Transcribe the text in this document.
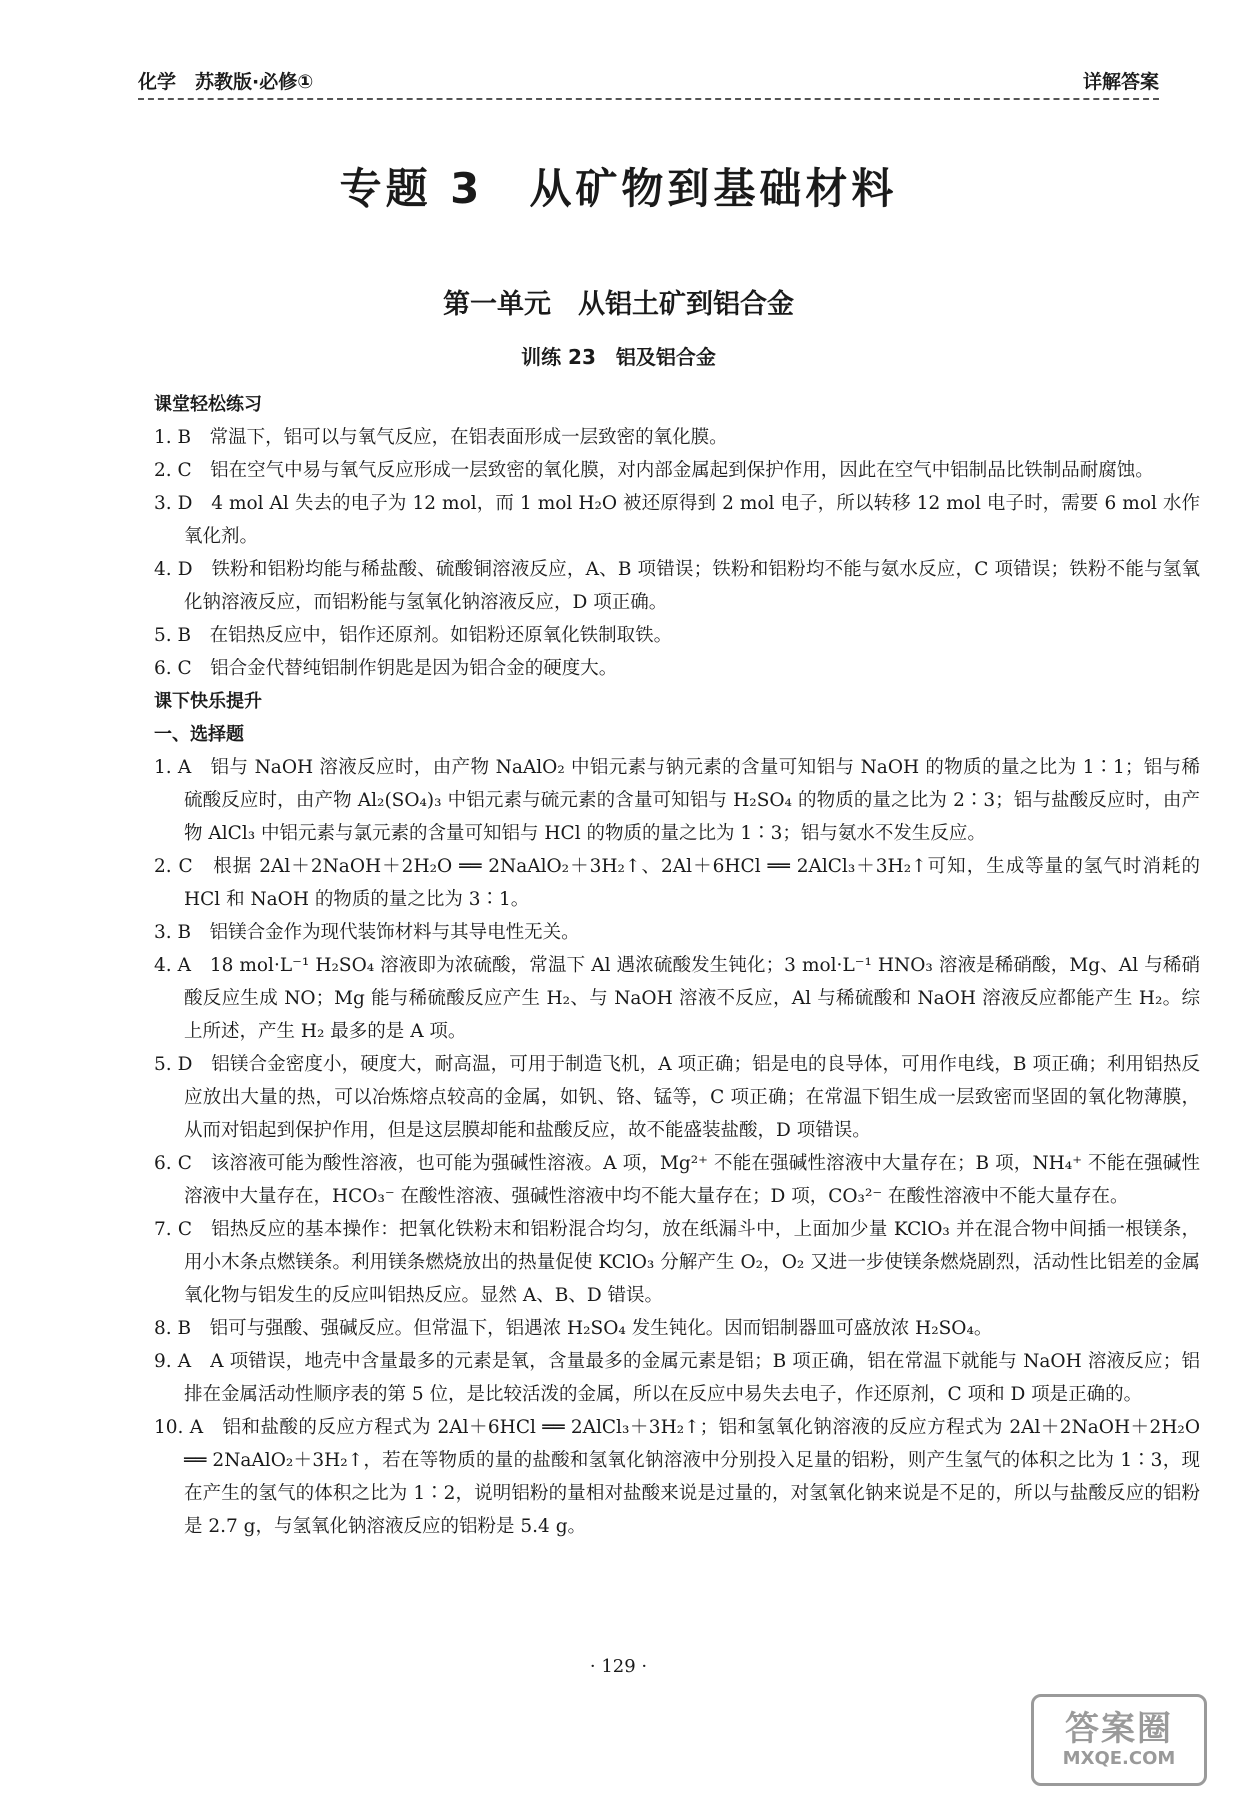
化学　苏教版·必修①	详解答案
专题 3　从矿物到基础材料
第一单元　从铝土矿到铝合金
训练 23　铝及铝合金
课堂轻松练习
1. B　常温下，铝可以与氧气反应，在铝表面形成一层致密的氧化膜。
2. C　铝在空气中易与氧气反应形成一层致密的氧化膜，对内部金属起到保护作用，因此在空气中铝制品比铁制品耐腐蚀。
3. D　4 mol Al 失去的电子为 12 mol，而 1 mol H₂O 被还原得到 2 mol 电子，所以转移 12 mol 电子时，需要 6 mol 水作氧化剂。
4. D　铁粉和铝粉均能与稀盐酸、硫酸铜溶液反应，A、B 项错误；铁粉和铝粉均不能与氨水反应，C 项错误；铁粉不能与氢氧化钠溶液反应，而铝粉能与氢氧化钠溶液反应，D 项正确。
5. B　在铝热反应中，铝作还原剂。如铝粉还原氧化铁制取铁。
6. C　铝合金代替纯铝制作钥匙是因为铝合金的硬度大。
课下快乐提升
一、选择题
1. A　铝与 NaOH 溶液反应时，由产物 NaAlO₂ 中铝元素与钠元素的含量可知铝与 NaOH 的物质的量之比为 1∶1；铝与稀硫酸反应时，由产物 Al₂(SO₄)₃ 中铝元素与硫元素的含量可知铝与 H₂SO₄ 的物质的量之比为 2∶3；铝与盐酸反应时，由产物 AlCl₃ 中铝元素与氯元素的含量可知铝与 HCl 的物质的量之比为 1∶3；铝与氨水不发生反应。
2. C　根据 2Al＋2NaOH＋2H₂O ══ 2NaAlO₂＋3H₂↑、2Al＋6HCl ══ 2AlCl₃＋3H₂↑可知，生成等量的氢气时消耗的 HCl 和 NaOH 的物质的量之比为 3∶1。
3. B　铝镁合金作为现代装饰材料与其导电性无关。
4. A　18 mol·L⁻¹ H₂SO₄ 溶液即为浓硫酸，常温下 Al 遇浓硫酸发生钝化；3 mol·L⁻¹ HNO₃ 溶液是稀硝酸，Mg、Al 与稀硝酸反应生成 NO；Mg 能与稀硫酸反应产生 H₂、与 NaOH 溶液不反应，Al 与稀硫酸和 NaOH 溶液反应都能产生 H₂。综上所述，产生 H₂ 最多的是 A 项。
5. D　铝镁合金密度小，硬度大，耐高温，可用于制造飞机，A 项正确；铝是电的良导体，可用作电线，B 项正确；利用铝热反应放出大量的热，可以冶炼熔点较高的金属，如钒、铬、锰等，C 项正确；在常温下铝生成一层致密而坚固的氧化物薄膜，从而对铝起到保护作用，但是这层膜却能和盐酸反应，故不能盛装盐酸，D 项错误。
6. C　该溶液可能为酸性溶液，也可能为强碱性溶液。A 项，Mg²⁺ 不能在强碱性溶液中大量存在；B 项，NH₄⁺ 不能在强碱性溶液中大量存在，HCO₃⁻ 在酸性溶液、强碱性溶液中均不能大量存在；D 项，CO₃²⁻ 在酸性溶液中不能大量存在。
7. C　铝热反应的基本操作：把氧化铁粉末和铝粉混合均匀，放在纸漏斗中，上面加少量 KClO₃ 并在混合物中间插一根镁条，用小木条点燃镁条。利用镁条燃烧放出的热量促使 KClO₃ 分解产生 O₂，O₂ 又进一步使镁条燃烧剧烈，活动性比铝差的金属氧化物与铝发生的反应叫铝热反应。显然 A、B、D 错误。
8. B　铝可与强酸、强碱反应。但常温下，铝遇浓 H₂SO₄ 发生钝化。因而铝制器皿可盛放浓 H₂SO₄。
9. A　A 项错误，地壳中含量最多的元素是氧，含量最多的金属元素是铝；B 项正确，铝在常温下就能与 NaOH 溶液反应；铝排在金属活动性顺序表的第 5 位，是比较活泼的金属，所以在反应中易失去电子，作还原剂，C 项和 D 项是正确的。
10. A　铝和盐酸的反应方程式为 2Al＋6HCl ══ 2AlCl₃＋3H₂↑；铝和氢氧化钠溶液的反应方程式为 2Al＋2NaOH＋2H₂O ══ 2NaAlO₂＋3H₂↑，若在等物质的量的盐酸和氢氧化钠溶液中分别投入足量的铝粉，则产生氢气的体积之比为 1∶3，现在产生的氢气的体积之比为 1∶2，说明铝粉的量相对盐酸来说是过量的，对氢氧化钠来说是不足的，所以与盐酸反应的铝粉是 2.7 g，与氢氧化钠溶液反应的铝粉是 5.4 g。
· 129 ·
答案圈
MXQE.COM
